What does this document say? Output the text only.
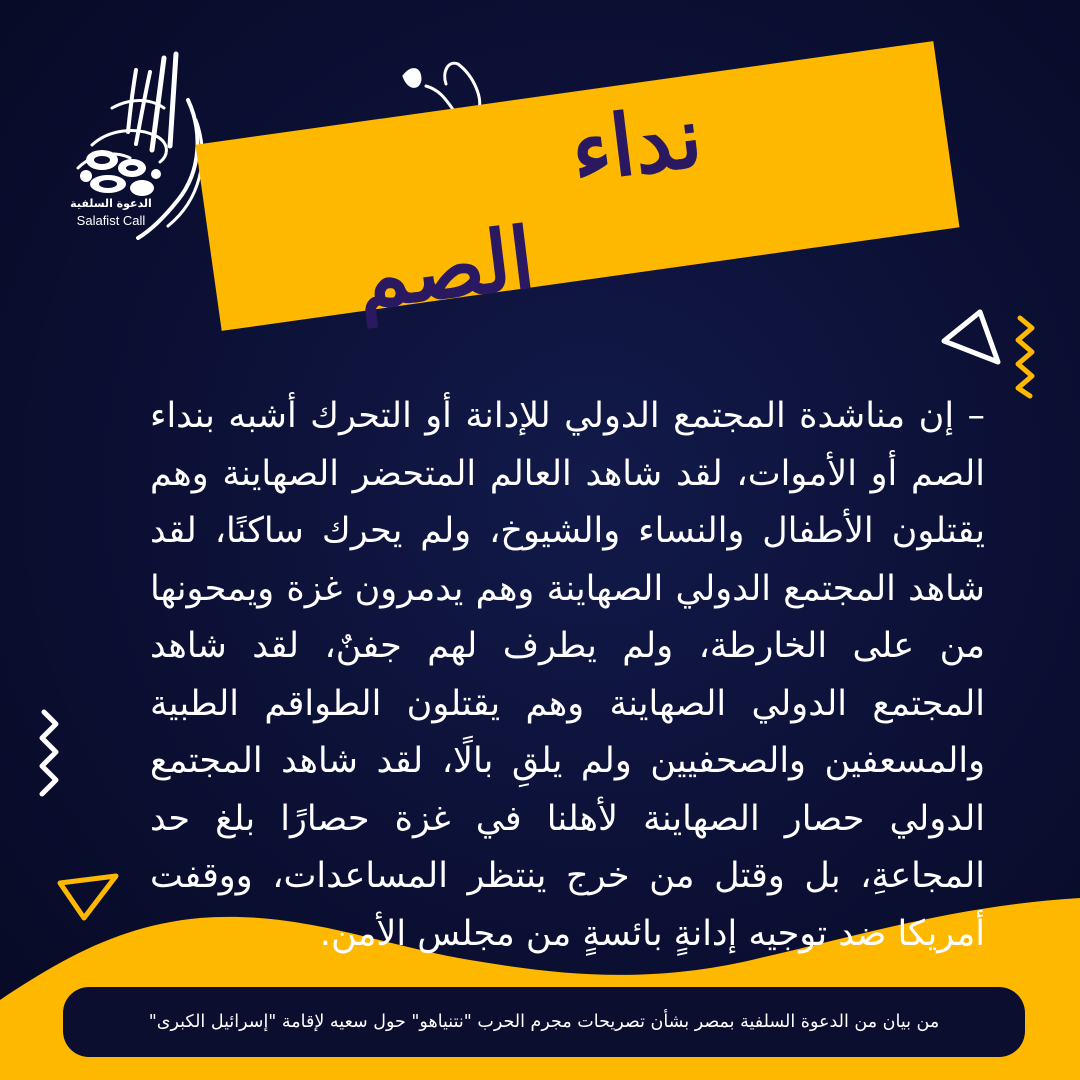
الدعوة السلفية
Salafist Call
نداء
الصم
– إن مناشدة المجتمع الدولي للإدانة أو التحرك أشبه بنداء الصم أو الأموات، لقد شاهد العالم المتحضر الصهاينة وهم يقتلون الأطفال والنساء والشيوخ، ولم يحرك ساكنًا، لقد شاهد المجتمع الدولي الصهاينة وهم يدمرون غزة ويمحونها من على الخارطة، ولم يطرف لهم جفنٌ، لقد شاهد المجتمع الدولي الصهاينة وهم يقتلون الطواقم الطبية والمسعفين والصحفيين ولم يلقِ بالًا، لقد شاهد المجتمع الدولي حصار الصهاينة لأهلنا في غزة حصارًا بلغ حد المجاعةِ، بل وقتل من خرج ينتظر المساعدات، ووقفت أمريكا ضد توجيه إدانةٍ بائسةٍ من مجلس الأمن.
من بيان من الدعوة السلفية بمصر بشأن تصريحات مجرم الحرب "نتنياهو" حول سعيه لإقامة "إسرائيل الكبرى"
